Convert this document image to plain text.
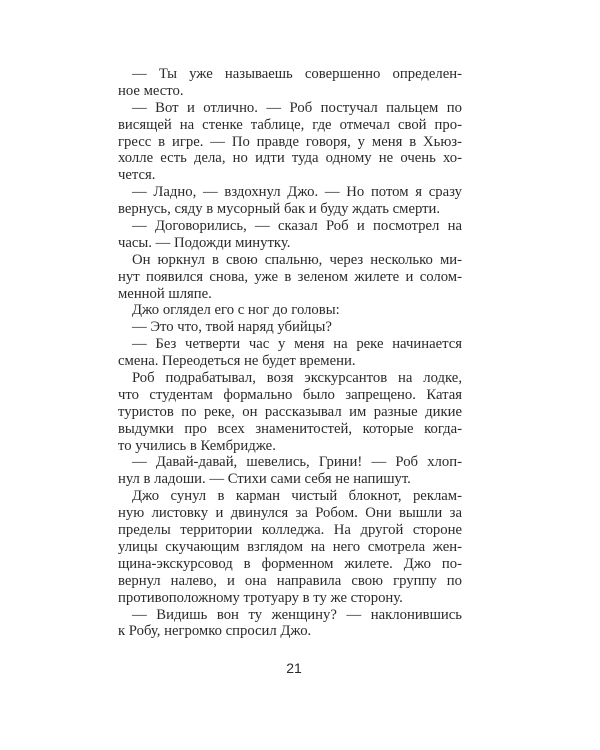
— Ты уже называешь совершенно определен-
ное место.
— Вот и отлично. — Роб постучал пальцем по
висящей на стенке таблице, где отмечал свой про-
гресс в игре. — По правде говоря, у меня в Хьюз-
холле есть дела, но идти туда одному не очень хо-
чется.
— Ладно, — вздохнул Джо. — Но потом я сразу
вернусь, сяду в мусорный бак и буду ждать смерти.
— Договорились, — сказал Роб и посмотрел на
часы. — Подожди минутку.
Он юркнул в свою спальню, через несколько ми-
нут появился снова, уже в зеленом жилете и солом-
менной шляпе.
Джо оглядел его с ног до головы:
— Это что, твой наряд убийцы?
— Без четверти час у меня на реке начинается
смена. Переодеться не будет времени.
Роб подрабатывал, возя экскурсантов на лодке,
что студентам формально было запрещено. Катая
туристов по реке, он рассказывал им разные дикие
выдумки про всех знаменитостей, которые когда-
то учились в Кембридже.
— Давай-давай, шевелись, Грини! — Роб хлоп-
нул в ладоши. — Стихи сами себя не напишут.
Джо сунул в карман чистый блокнот, реклам-
ную листовку и двинулся за Робом. Они вышли за
пределы территории колледжа. На другой стороне
улицы скучающим взглядом на него смотрела жен-
щина-экскурсовод в форменном жилете. Джо по-
вернул налево, и она направила свою группу по
противоположному тротуару в ту же сторону.
— Видишь вон ту женщину? — наклонившись
к Робу, негромко спросил Джо.
21
